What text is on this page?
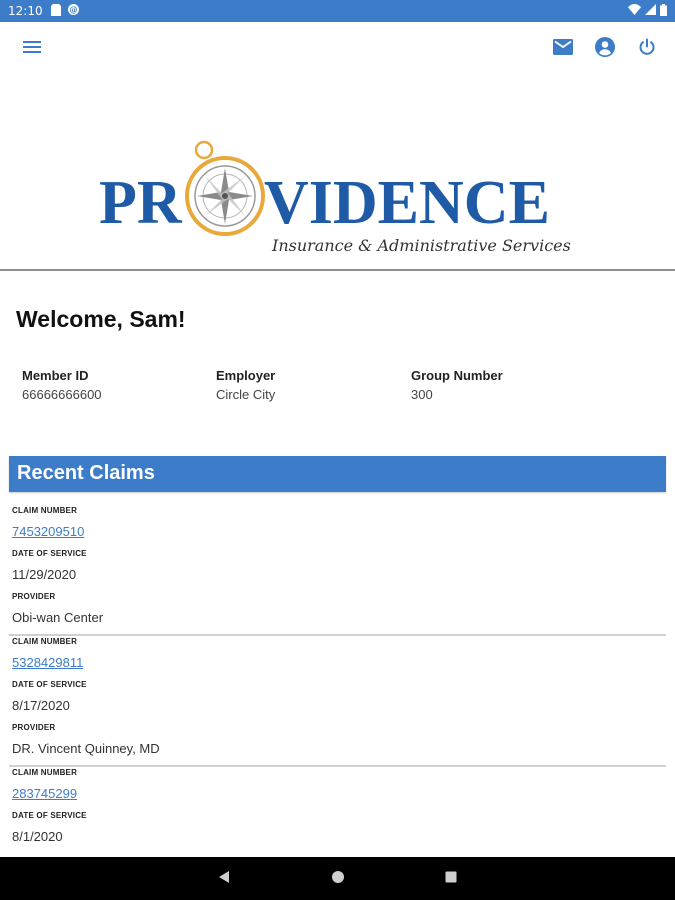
12:10	@
PR VIDENCE
Insurance & Administrative Services
Welcome, Sam!
Member ID
66666666600
Employer
Circle City
Group Number
300
Recent Claims
CLAIM NUMBER
7453209510
DATE OF SERVICE
11/29/2020
PROVIDER
Obi-wan Center
CLAIM NUMBER
5328429811
DATE OF SERVICE
8/17/2020
PROVIDER
DR. Vincent Quinney, MD
CLAIM NUMBER
283745299
DATE OF SERVICE
8/1/2020
